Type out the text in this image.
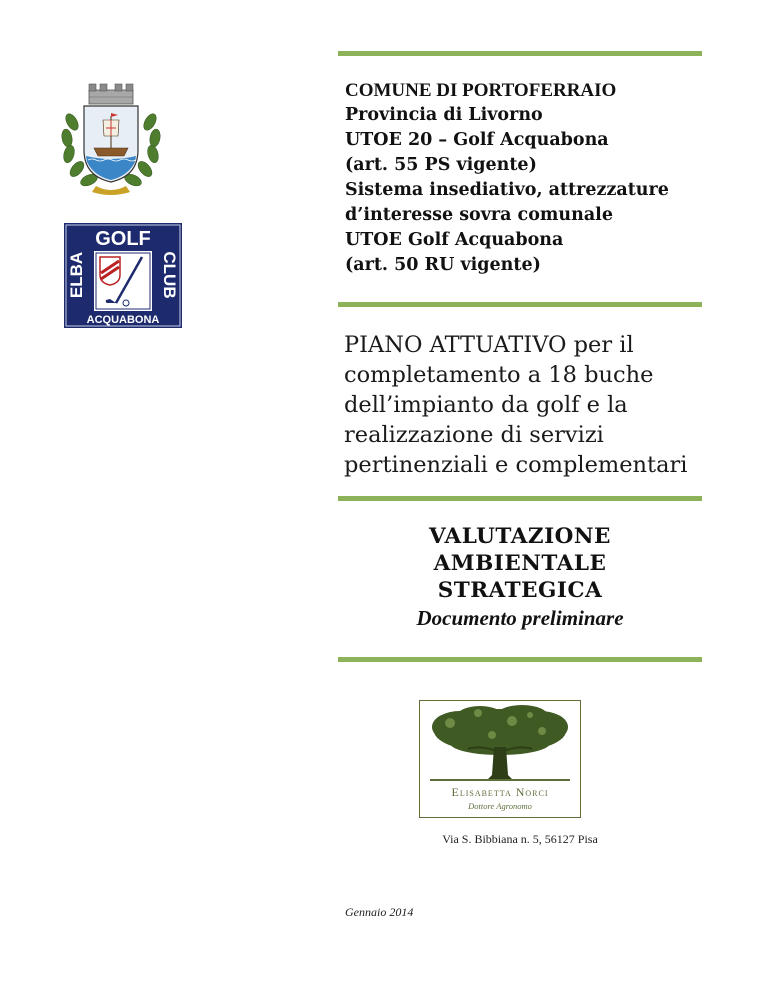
GOLF
ACQUABONA
ELBA	CLUB
COMUNE DI PORTOFERRAIO
Provincia di Livorno
UTOE 20 – Golf Acquabona
(art. 55 PS vigente)
Sistema insediativo, attrezzature
d’interesse sovra comunale
UTOE Golf Acquabona
(art. 50 RU vigente)
PIANO ATTUATIVO per il
completamento a 18 buche
dell’impianto da golf e la
realizzazione di servizi
pertinenziali e complementari
VALUTAZIONE
AMBIENTALE
STRATEGICA
Documento preliminare
Elisabetta Norci
Dottore Agronomo
Via S. Bibbiana n. 5, 56127 Pisa
Gennaio 2014
